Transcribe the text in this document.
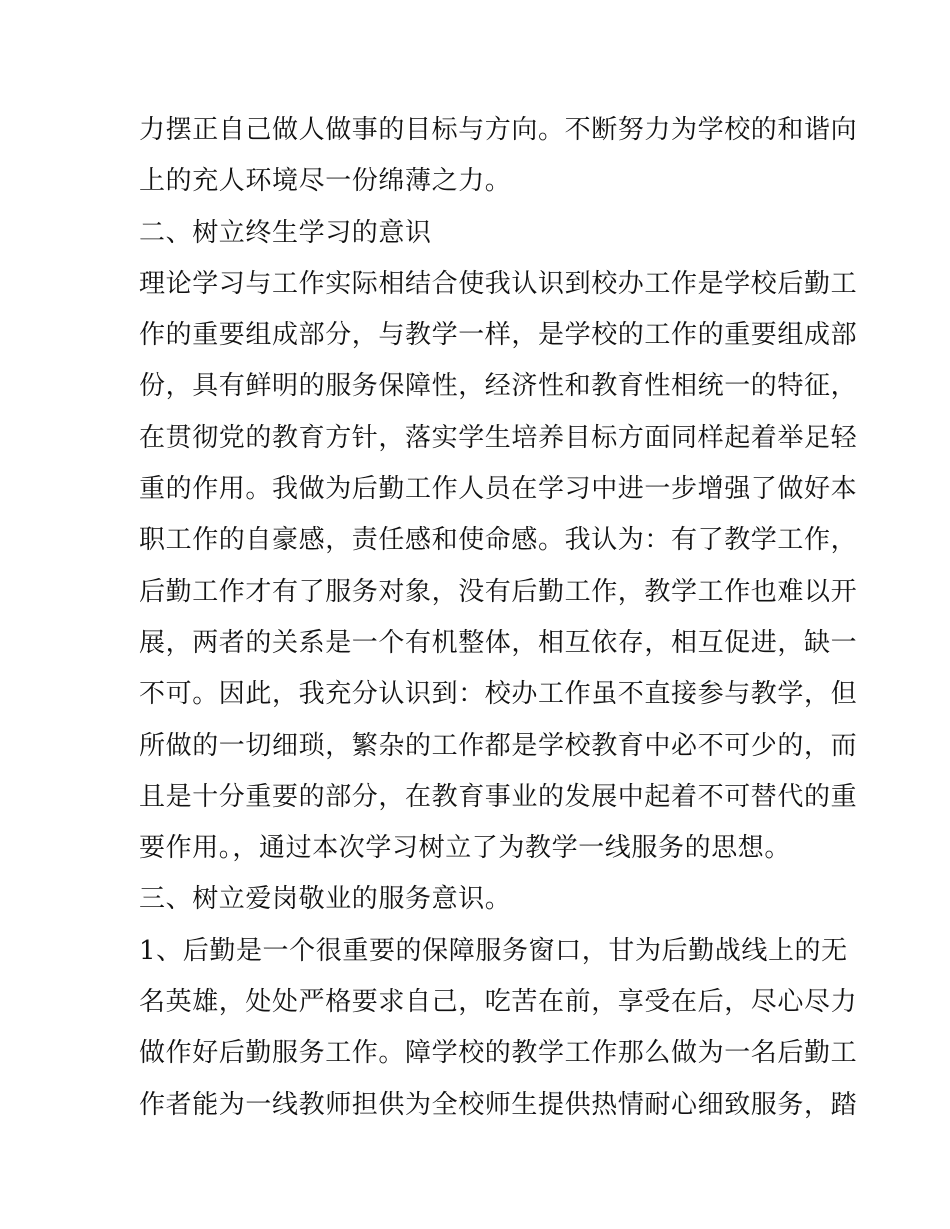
力摆正自己做人做事的目标与方向。不断努力为学校的和谐向
上的充人环境尽一份绵薄之力。
二、树立终生学习的意识
理论学习与工作实际相结合使我认识到校办工作是学校后勤工
作的重要组成部分，与教学一样，是学校的工作的重要组成部
份，具有鲜明的服务保障性，经济性和教育性相统一的特征，
在贯彻党的教育方针，落实学生培养目标方面同样起着举足轻
重的作用。我做为后勤工作人员在学习中进一步增强了做好本
职工作的自豪感，责任感和使命感。我认为：有了教学工作，
后勤工作才有了服务对象，没有后勤工作，教学工作也难以开
展，两者的关系是一个有机整体，相互依存，相互促进，缺一
不可。因此，我充分认识到：校办工作虽不直接参与教学，但
所做的一切细琐，繁杂的工作都是学校教育中必不可少的，而
且是十分重要的部分，在教育事业的发展中起着不可替代的重
要作用。，通过本次学习树立了为教学一线服务的思想。
三、树立爱岗敬业的服务意识。
1、后勤是一个很重要的保障服务窗口，甘为后勤战线上的无
名英雄，处处严格要求自己，吃苦在前，享受在后，尽心尽力
做作好后勤服务工作。障学校的教学工作那么做为一名后勤工
作者能为一线教师担供为全校师生提供热情耐心细致服务，踏
